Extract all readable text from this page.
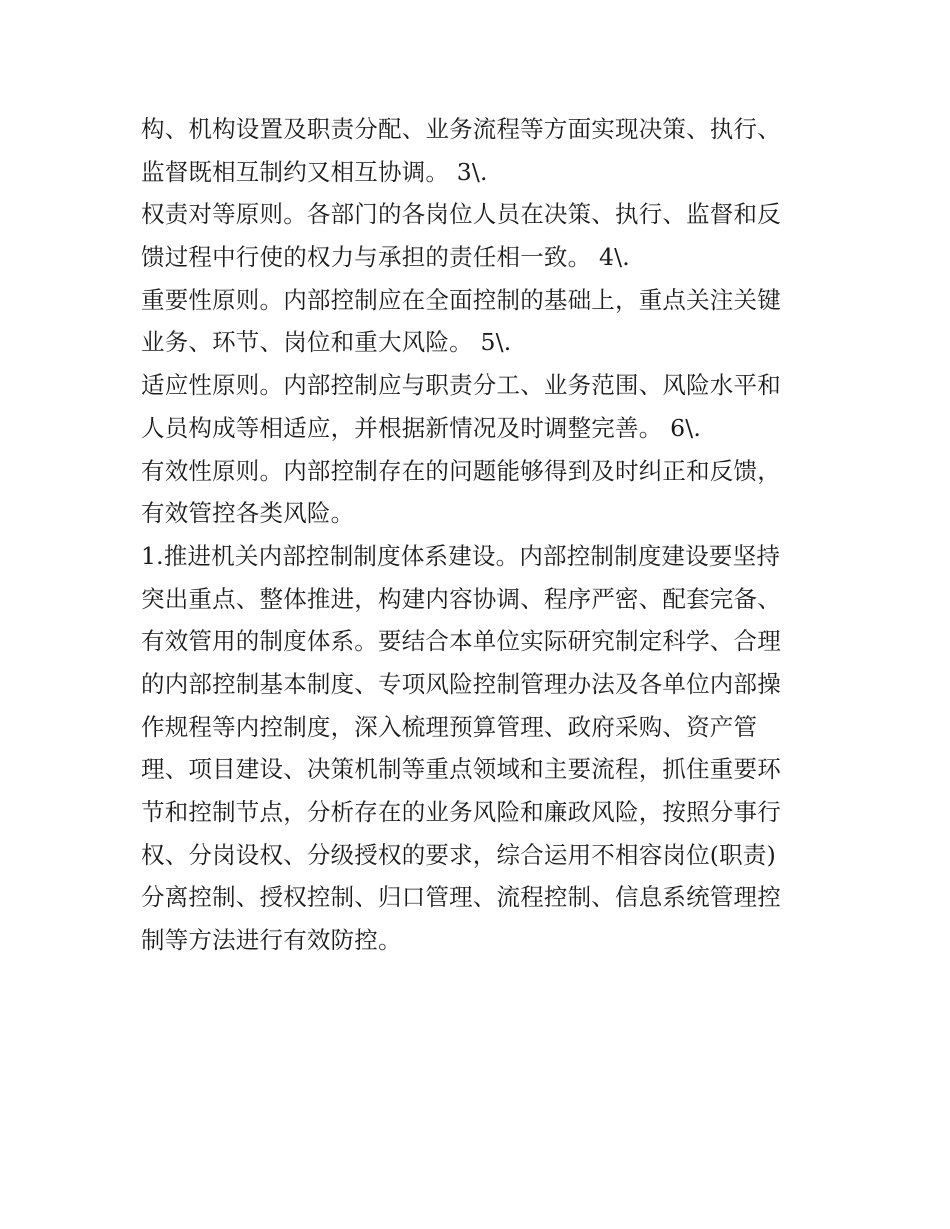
构、机构设置及职责分配、业务流程等方面实现决策、执行、
监督既相互制约又相互协调。 3\.
权责对等原则。各部门的各岗位人员在决策、执行、监督和反
馈过程中行使的权力与承担的责任相一致。 4\.
重要性原则。内部控制应在全面控制的基础上，重点关注关键
业务、环节、岗位和重大风险。 5\.
适应性原则。内部控制应与职责分工、业务范围、风险水平和
人员构成等相适应，并根据新情况及时调整完善。 6\.
有效性原则。内部控制存在的问题能够得到及时纠正和反馈，
有效管控各类风险。
1.推进机关内部控制制度体系建设。内部控制制度建设要坚持
突出重点、整体推进，构建内容协调、程序严密、配套完备、
有效管用的制度体系。要结合本单位实际研究制定科学、合理
的内部控制基本制度、专项风险控制管理办法及各单位内部操
作规程等内控制度，深入梳理预算管理、政府采购、资产管
理、项目建设、决策机制等重点领域和主要流程，抓住重要环
节和控制节点，分析存在的业务风险和廉政风险，按照分事行
权、分岗设权、分级授权的要求，综合运用不相容岗位(职责)
分离控制、授权控制、归口管理、流程控制、信息系统管理控
制等方法进行有效防控。
